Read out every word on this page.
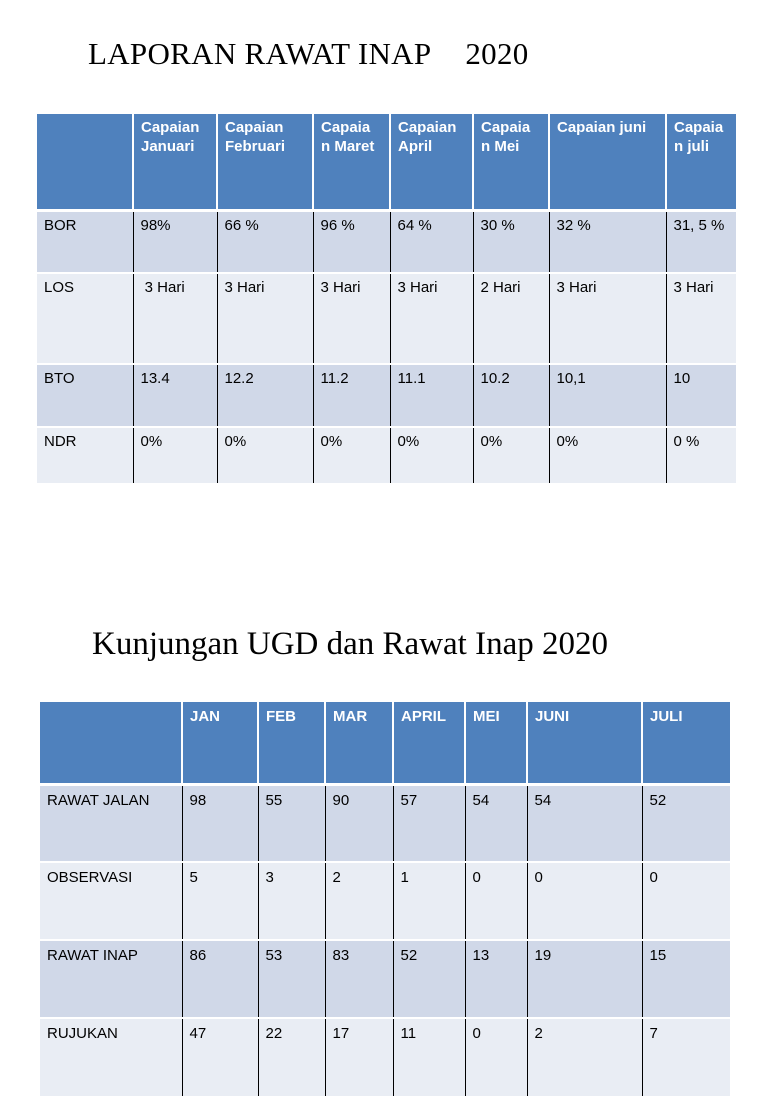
LAPORAN RAWAT INAP 2020
	Capaian Januari	Capaian Februari	Capaia n Maret	Capaian April	Capaia n Mei	Capaian juni	Capaia n juli
BOR	98%	66 %	96 %	64 %	30 %	32 %	31, 5 %
LOS	3 Hari	3 Hari	3 Hari	3 Hari	2 Hari	3 Hari	3 Hari
BTO	13.4	12.2	11.2	11.1	10.2	10,1	10
NDR	0%	0%	0%	0%	0%	0%	0 %
Kunjungan UGD dan Rawat Inap 2020
	JAN	FEB	MAR	APRIL	MEI	JUNI	JULI
RAWAT JALAN	98	55	90	57	54	54	52
OBSERVASI	5	3	2	1	0	0	0
RAWAT INAP	86	53	83	52	13	19	15
RUJUKAN	47	22	17	11	0	2	7
